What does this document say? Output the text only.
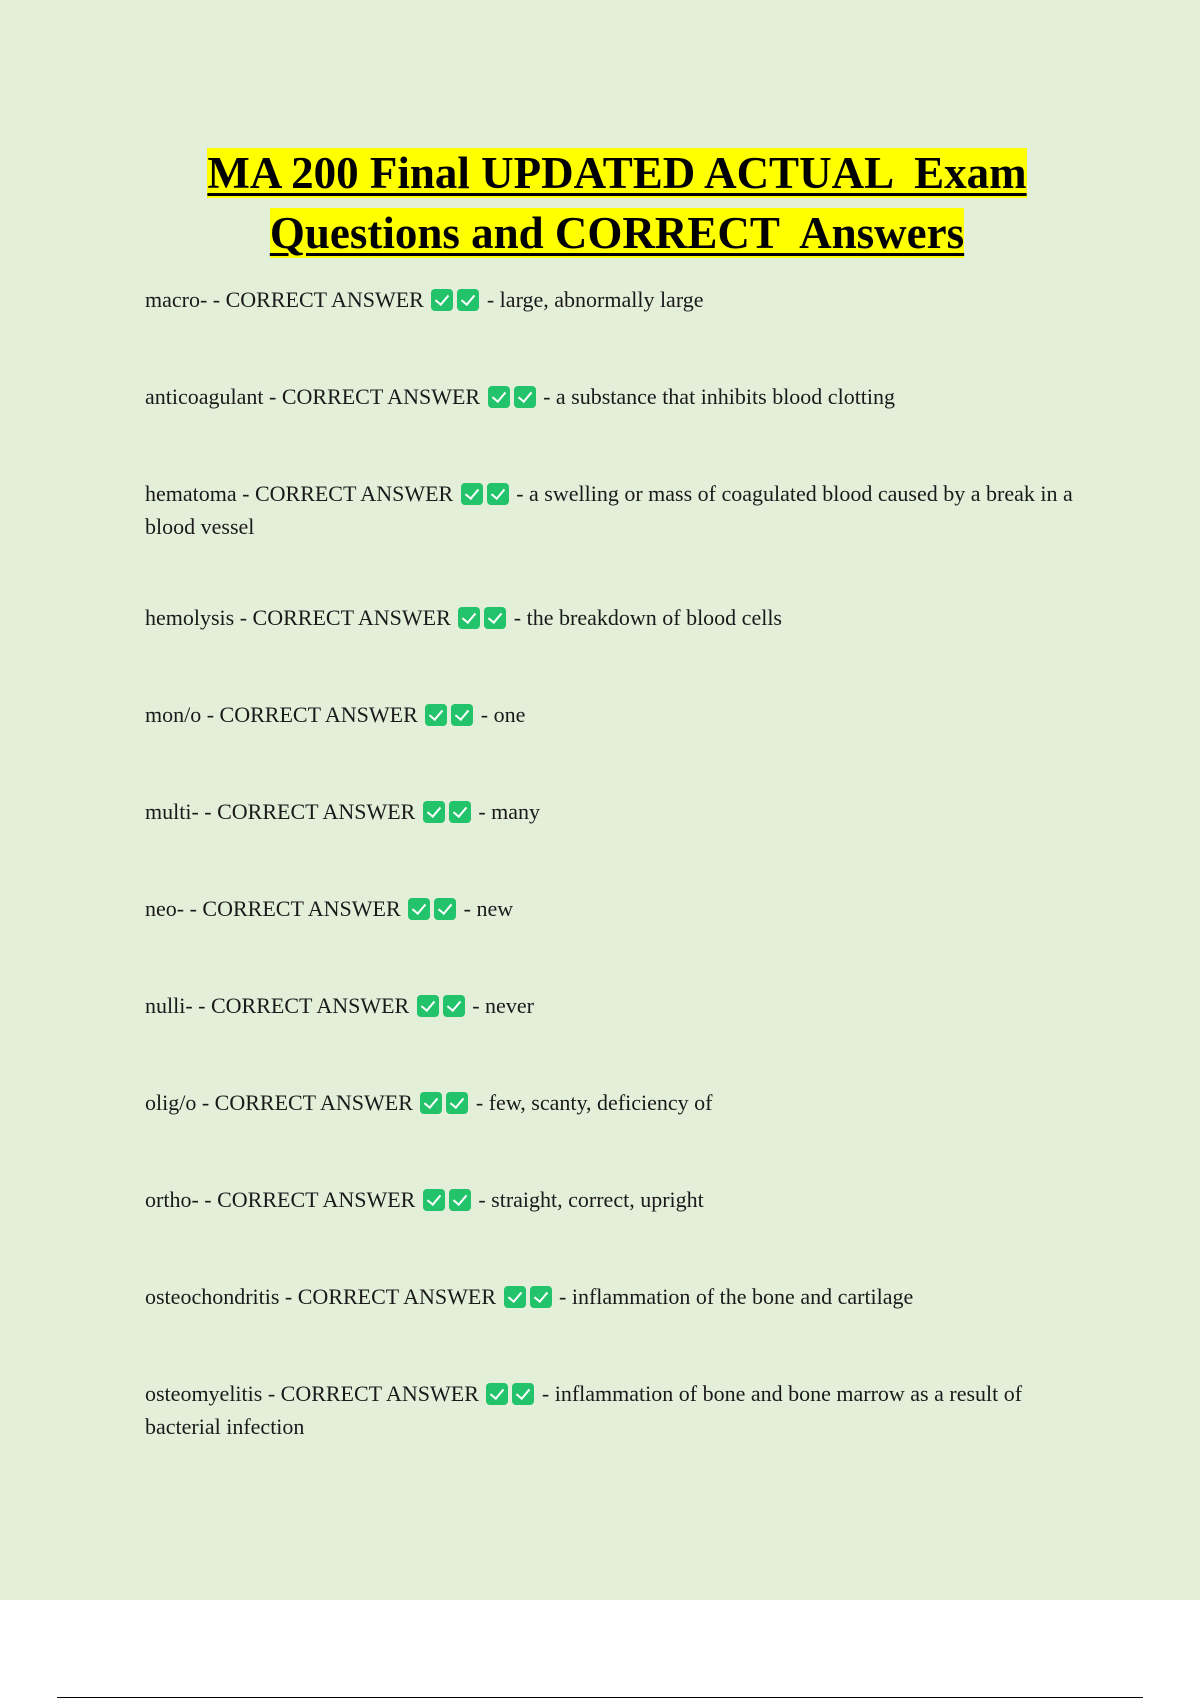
MA 200 Final UPDATED ACTUAL  Exam
Questions and CORRECT  Answers

macro- - CORRECT ANSWER	- large, abnormally large

anticoagulant - CORRECT ANSWER	- a substance that inhibits blood clotting

hematoma - CORRECT ANSWER	- a swelling or mass of coagulated blood caused by a break in a blood vessel

hemolysis - CORRECT ANSWER	- the breakdown of blood cells

mon/o - CORRECT ANSWER	- one

multi- - CORRECT ANSWER	- many

neo- - CORRECT ANSWER	- new

nulli- - CORRECT ANSWER	- never

olig/o - CORRECT ANSWER	- few, scanty, deficiency of

ortho- - CORRECT ANSWER	- straight, correct, upright

osteochondritis - CORRECT ANSWER	- inflammation of the bone and cartilage

osteomyelitis - CORRECT ANSWER	- inflammation of bone and bone marrow as a result of bacterial infection
